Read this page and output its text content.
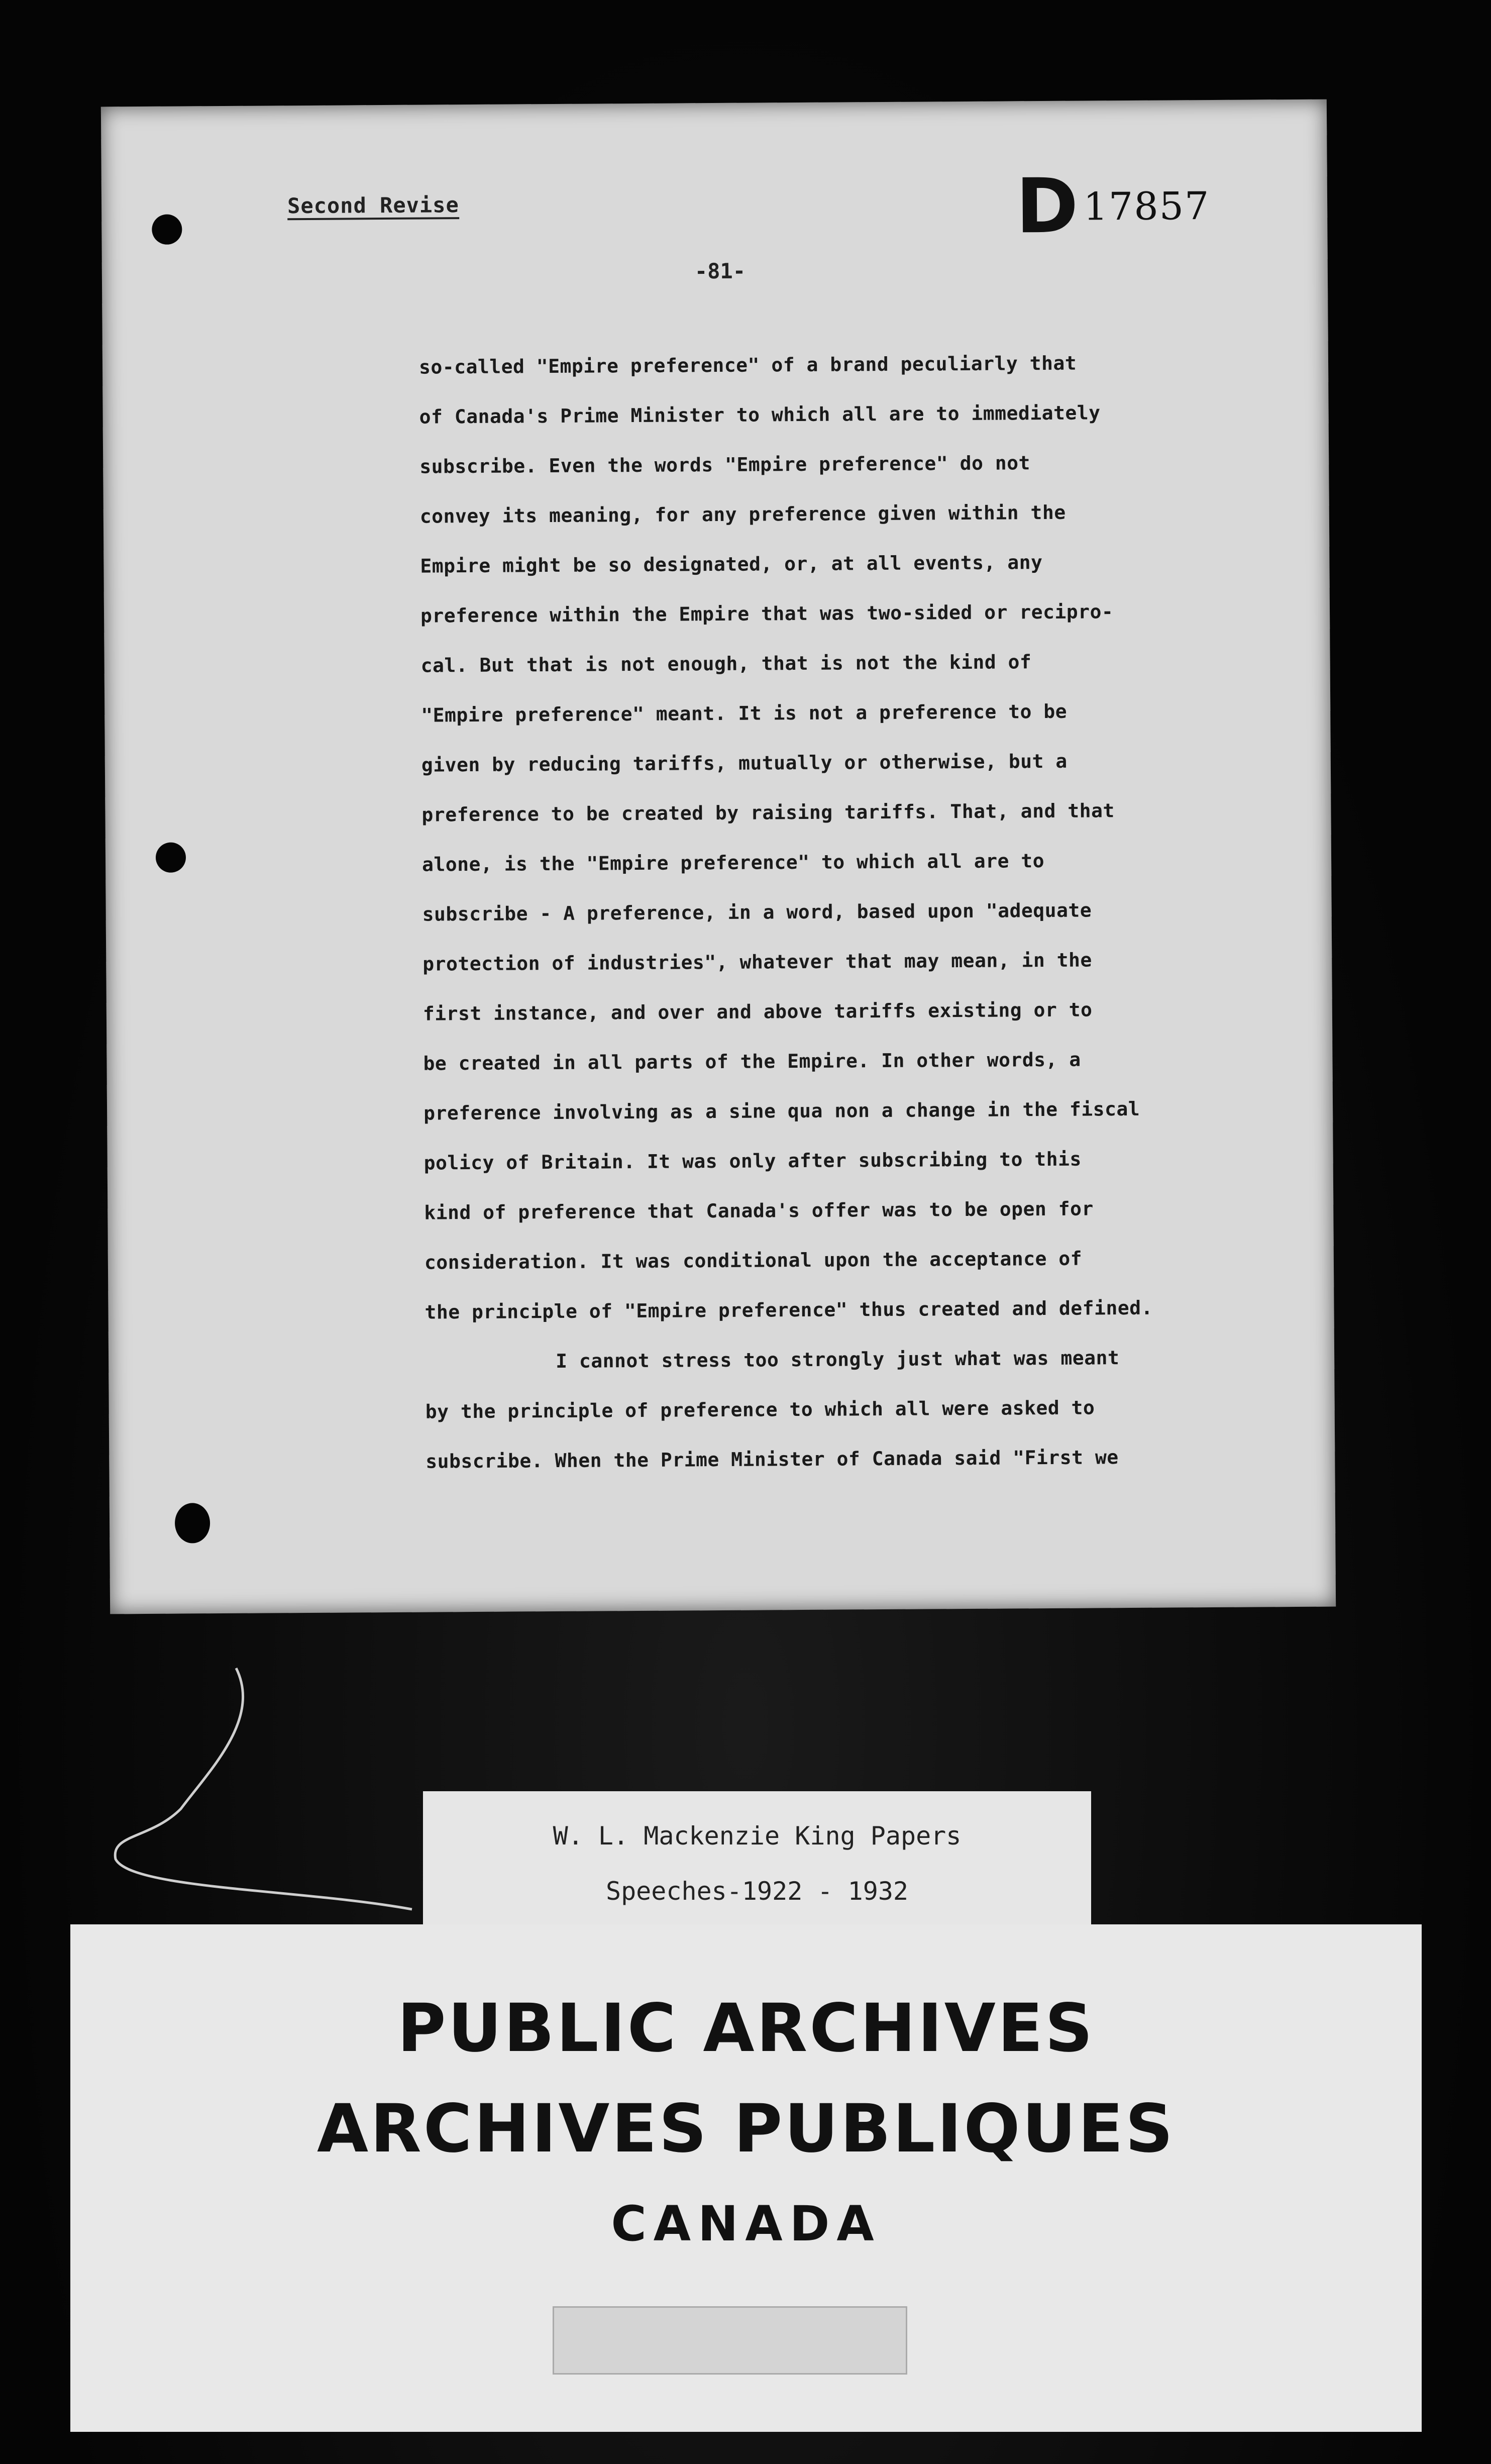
Second Revise	D 17857
-81-
so-called "Empire preference" of a brand peculiarly that
of Canada's Prime Minister to which all are to immediately
subscribe. Even the words "Empire preference" do not
convey its meaning, for any preference given within the
Empire might be so designated, or, at all events, any
preference within the Empire that was two-sided or recipro-
cal. But that is not enough, that is not the kind of
"Empire preference" meant. It is not a preference to be
given by reducing tariffs, mutually or otherwise, but a
preference to be created by raising tariffs. That, and that
alone, is the "Empire preference" to which all are to
subscribe - A preference, in a word, based upon "adequate
protection of industries", whatever that may mean, in the
first instance, and over and above tariffs existing or to
be created in all parts of the Empire. In other words, a
preference involving as a sine qua non a change in the fiscal
policy of Britain. It was only after subscribing to this
kind of preference that Canada's offer was to be open for
consideration. It was conditional upon the acceptance of
the principle of "Empire preference" thus created and defined.
I cannot stress too strongly just what was meant
by the principle of preference to which all were asked to
subscribe. When the Prime Minister of Canada said "First we
W. L. Mackenzie King Papers
Speeches-1922 - 1932
PUBLIC ARCHIVES
ARCHIVES PUBLIQUES
CANADA
